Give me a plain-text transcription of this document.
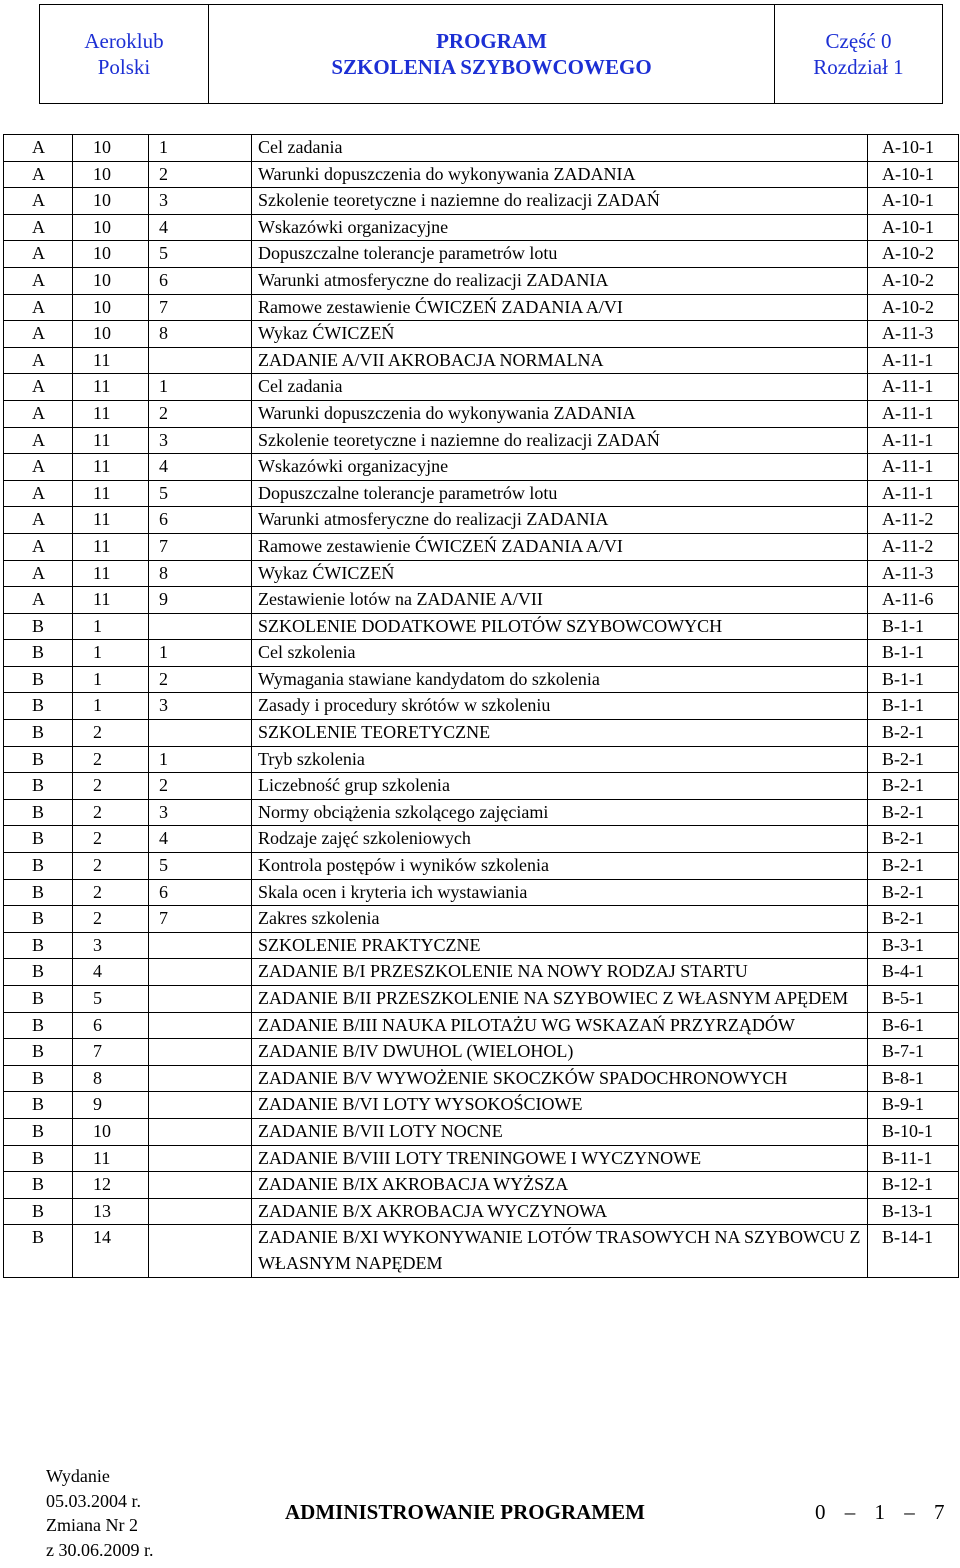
Aeroklub
Polski
PROGRAM
SZKOLENIA SZYBOWCOWEGO
Część 0
Rozdział 1
A	10	1	Cel zadania	A-10-1
A	10	2	Warunki dopuszczenia do wykonywania ZADANIA	A-10-1
A	10	3	Szkolenie teoretyczne i naziemne do realizacji ZADAŃ	A-10-1
A	10	4	Wskazówki organizacyjne	A-10-1
A	10	5	Dopuszczalne tolerancje parametrów lotu	A-10-2
A	10	6	Warunki atmosferyczne do realizacji ZADANIA	A-10-2
A	10	7	Ramowe zestawienie ĆWICZEŃ ZADANIA A/VI	A-10-2
A	10	8	Wykaz ĆWICZEŃ	A-11-3
A	11		ZADANIE A/VII AKROBACJA NORMALNA	A-11-1
A	11	1	Cel zadania	A-11-1
A	11	2	Warunki dopuszczenia do wykonywania ZADANIA	A-11-1
A	11	3	Szkolenie teoretyczne i naziemne do realizacji ZADAŃ	A-11-1
A	11	4	Wskazówki organizacyjne	A-11-1
A	11	5	Dopuszczalne tolerancje parametrów lotu	A-11-1
A	11	6	Warunki atmosferyczne do realizacji ZADANIA	A-11-2
A	11	7	Ramowe zestawienie ĆWICZEŃ ZADANIA A/VI	A-11-2
A	11	8	Wykaz ĆWICZEŃ	A-11-3
A	11	9	Zestawienie lotów na ZADANIE A/VII	A-11-6
B	1		SZKOLENIE DODATKOWE PILOTÓW SZYBOWCOWYCH	B-1-1
B	1	1	Cel szkolenia	B-1-1
B	1	2	Wymagania stawiane kandydatom do szkolenia	B-1-1
B	1	3	Zasady i procedury skrótów w szkoleniu	B-1-1
B	2		SZKOLENIE TEORETYCZNE	B-2-1
B	2	1	Tryb szkolenia	B-2-1
B	2	2	Liczebność grup szkolenia	B-2-1
B	2	3	Normy obciążenia szkolącego zajęciami	B-2-1
B	2	4	Rodzaje zajęć szkoleniowych	B-2-1
B	2	5	Kontrola postępów i wyników szkolenia	B-2-1
B	2	6	Skala ocen i kryteria ich wystawiania	B-2-1
B	2	7	Zakres szkolenia	B-2-1
B	3		SZKOLENIE PRAKTYCZNE	B-3-1
B	4		ZADANIE B/I PRZESZKOLENIE NA NOWY RODZAJ STARTU	B-4-1
B	5		ZADANIE B/II PRZESZKOLENIE NA SZYBOWIEC Z WŁASNYM APĘDEM	B-5-1
B	6		ZADANIE B/III NAUKA PILOTAŻU WG WSKAZAŃ PRZYRZĄDÓW	B-6-1
B	7		ZADANIE B/IV DWUHOL (WIELOHOL)	B-7-1
B	8		ZADANIE B/V WYWOŻENIE SKOCZKÓW SPADOCHRONOWYCH	B-8-1
B	9		ZADANIE B/VI LOTY WYSOKOŚCIOWE	B-9-1
B	10		ZADANIE B/VII LOTY NOCNE	B-10-1
B	11		ZADANIE B/VIII LOTY TRENINGOWE I WYCZYNOWE	B-11-1
B	12		ZADANIE B/IX AKROBACJA WYŻSZA	B-12-1
B	13		ZADANIE B/X AKROBACJA WYCZYNOWA	B-13-1
B	14		ZADANIE B/XI WYKONYWANIE LOTÓW TRASOWYCH NA SZYBOWCU Z WŁASNYM NAPĘDEM	B-14-1
Wydanie
05.03.2004 r.
Zmiana Nr 2
z 30.06.2009 r.
ADMINISTROWANIE PROGRAMEM	0 – 1 – 7
